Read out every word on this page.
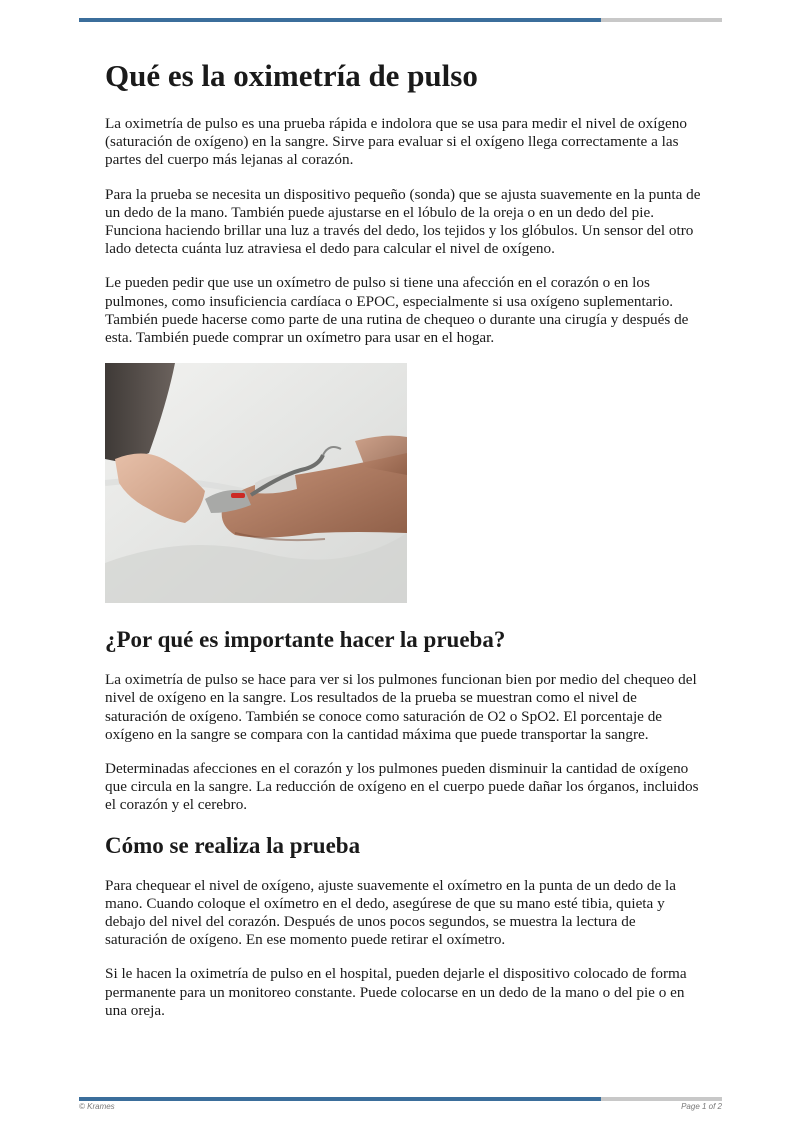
Qué es la oximetría de pulso

La oximetría de pulso es una prueba rápida e indolora que se usa para medir el nivel de oxígeno (saturación de oxígeno) en la sangre. Sirve para evaluar si el oxígeno llega correctamente a las partes del cuerpo más lejanas al corazón.

Para la prueba se necesita un dispositivo pequeño (sonda) que se ajusta suavemente en la punta de un dedo de la mano. También puede ajustarse en el lóbulo de la oreja o en un dedo del pie. Funciona haciendo brillar una luz a través del dedo, los tejidos y los glóbulos. Un sensor del otro lado detecta cuánta luz atraviesa el dedo para calcular el nivel de oxígeno.

Le pueden pedir que use un oxímetro de pulso si tiene una afección en el corazón o en los pulmones, como insuficiencia cardíaca o EPOC, especialmente si usa oxígeno suplementario. También puede hacerse como parte de una rutina de chequeo o durante una cirugía y después de esta. También puede comprar un oxímetro para usar en el hogar.

¿Por qué es importante hacer la prueba?

La oximetría de pulso se hace para ver si los pulmones funcionan bien por medio del chequeo del nivel de oxígeno en la sangre. Los resultados de la prueba se muestran como el nivel de saturación de oxígeno. También se conoce como saturación de O2 o SpO2. El porcentaje de oxígeno en la sangre se compara con la cantidad máxima que puede transportar la sangre.

Determinadas afecciones en el corazón y los pulmones pueden disminuir la cantidad de oxígeno que circula en la sangre. La reducción de oxígeno en el cuerpo puede dañar los órganos, incluidos el corazón y el cerebro.

Cómo se realiza la prueba

Para chequear el nivel de oxígeno, ajuste suavemente el oxímetro en la punta de un dedo de la mano. Cuando coloque el oxímetro en el dedo, asegúrese de que su mano esté tibia, quieta y debajo del nivel del corazón. Después de unos pocos segundos, se muestra la lectura de saturación de oxígeno. En ese momento puede retirar el oxímetro.

Si le hacen la oximetría de pulso en el hospital, pueden dejarle el dispositivo colocado de forma permanente para un monitoreo constante. Puede colocarse en un dedo de la mano o del pie o en una oreja.

© Krames	Page 1 of 2
